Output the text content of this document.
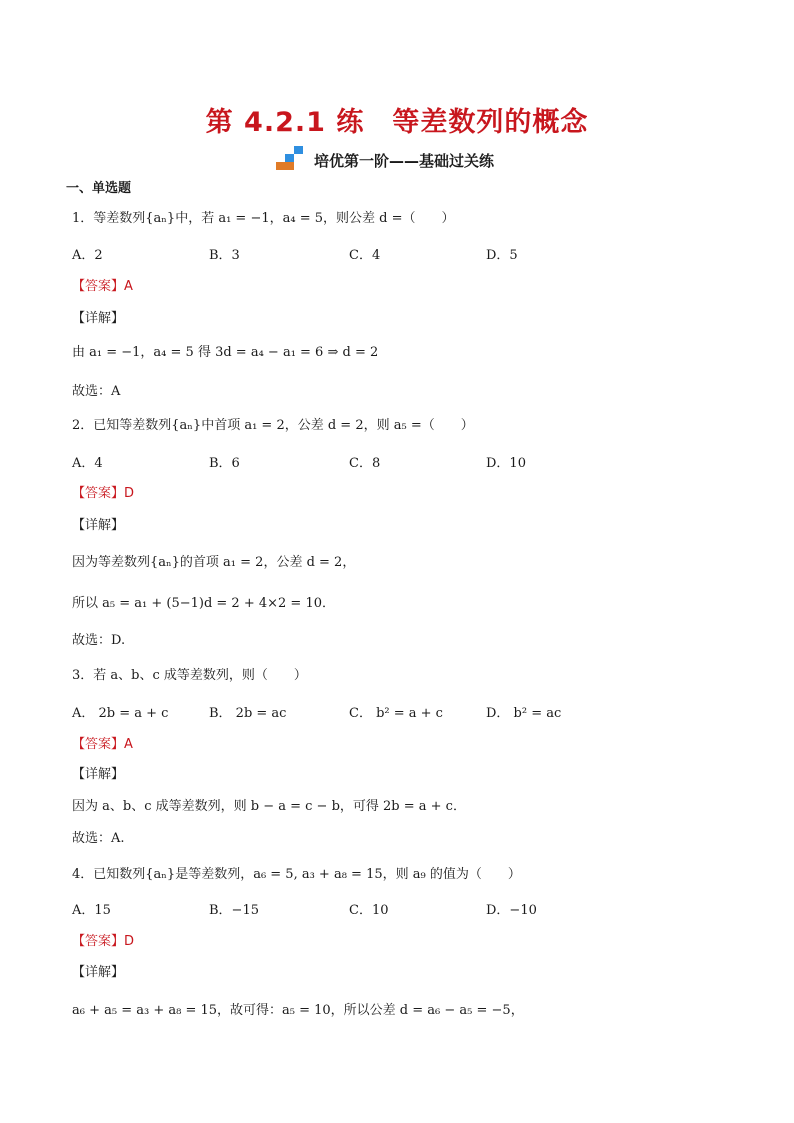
第 4.2.1 练　等差数列的概念
培优第一阶——基础过关练
一、单选题
1．等差数列{aₙ}中，若 a₁ = −1，a₄ = 5，则公差 d =（　　）
A．2	B．3	C．4	D．5
【答案】A
【详解】
由 a₁ = −1，a₄ = 5 得 3d = a₄ − a₁ = 6 ⇒ d = 2
故选：A
2．已知等差数列{aₙ}中首项 a₁ = 2，公差 d = 2，则 a₅ =（　　）
A．4	B．6	C．8	D．10
【答案】D
【详解】
因为等差数列{aₙ}的首项 a₁ = 2，公差 d = 2，
所以 a₅ = a₁ + (5−1)d = 2 + 4×2 = 10．
故选：D.
3．若 a、b、c 成等差数列，则（　　）
A． 2b = a + c	B． 2b = ac	C． b² = a + c	D． b² = ac
【答案】A
【详解】
因为 a、b、c 成等差数列，则 b − a = c − b，可得 2b = a + c．
故选：A.
4．已知数列{aₙ}是等差数列，a₆ = 5, a₃ + a₈ = 15，则 a₉ 的值为（　　）
A．15	B．−15	C．10	D．−10
【答案】D
【详解】
a₆ + a₅ = a₃ + a₈ = 15，故可得：a₅ = 10，所以公差 d = a₆ − a₅ = −5，
